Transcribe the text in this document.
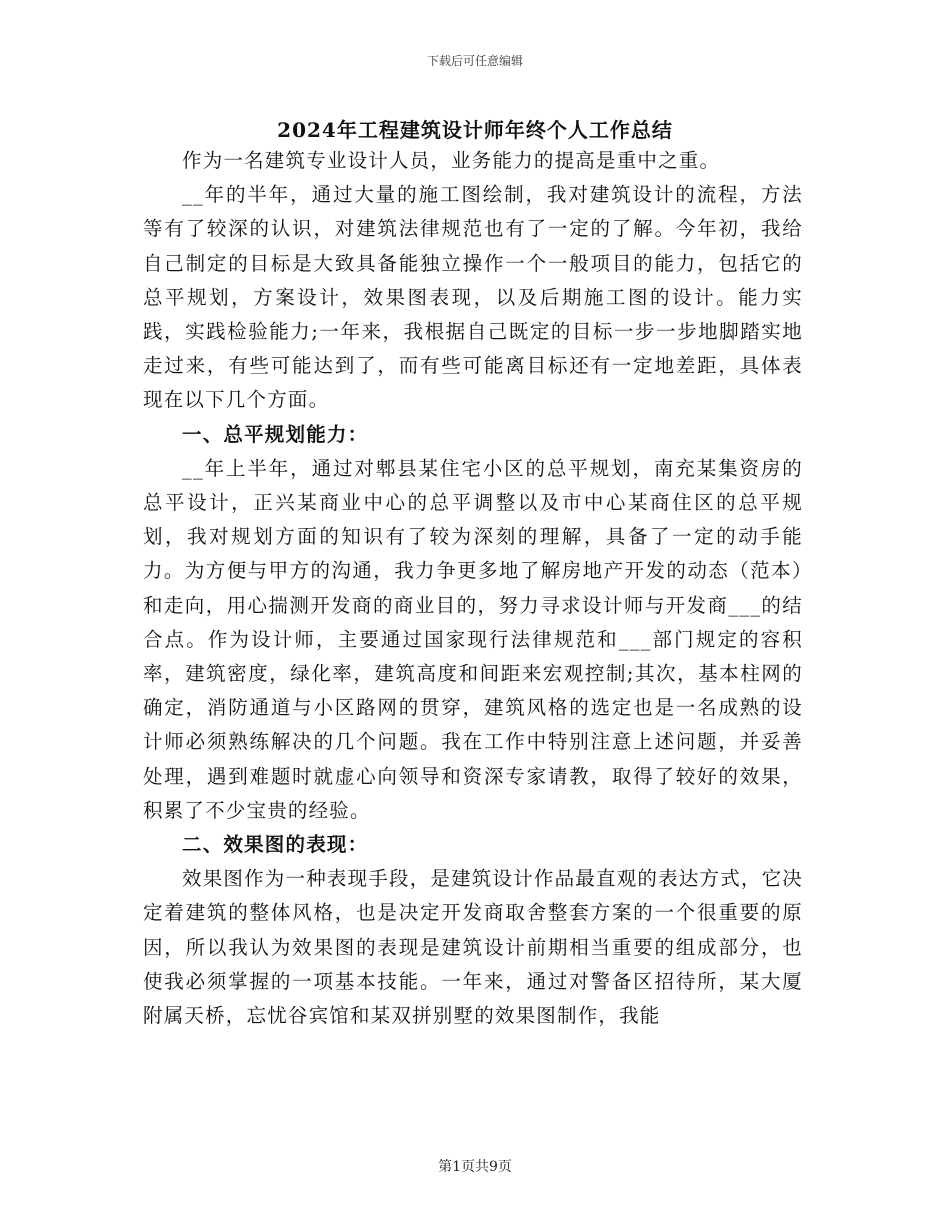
下载后可任意编辑
2024年工程建筑设计师年终个人工作总结

作为一名建筑专业设计人员，业务能力的提高是重中之重。

__年的半年，通过大量的施工图绘制，我对建筑设计的流程，方法等有了较深的认识，对建筑法律规范也有了一定的了解。今年初，我给自己制定的目标是大致具备能独立操作一个一般项目的能力，包括它的总平规划，方案设计，效果图表现，以及后期施工图的设计。能力实践，实践检验能力;一年来，我根据自己既定的目标一步一步地脚踏实地走过来，有些可能达到了，而有些可能离目标还有一定地差距，具体表现在以下几个方面。

一、总平规划能力：

__年上半年，通过对郫县某住宅小区的总平规划，南充某集资房的总平设计，正兴某商业中心的总平调整以及市中心某商住区的总平规划，我对规划方面的知识有了较为深刻的理解，具备了一定的动手能力。为方便与甲方的沟通，我力争更多地了解房地产开发的动态（范本）和走向，用心揣测开发商的商业目的，努力寻求设计师与开发商___的结合点。作为设计师，主要通过国家现行法律规范和___部门规定的容积率，建筑密度，绿化率，建筑高度和间距来宏观控制;其次，基本柱网的确定，消防通道与小区路网的贯穿，建筑风格的选定也是一名成熟的设计师必须熟练解决的几个问题。我在工作中特别注意上述问题，并妥善处理，遇到难题时就虚心向领导和资深专家请教，取得了较好的效果，积累了不少宝贵的经验。

二、效果图的表现：

效果图作为一种表现手段，是建筑设计作品最直观的表达方式，它决定着建筑的整体风格，也是决定开发商取舍整套方案的一个很重要的原因，所以我认为效果图的表现是建筑设计前期相当重要的组成部分，也使我必须掌握的一项基本技能。一年来，通过对警备区招待所，某大厦附属天桥，忘忧谷宾馆和某双拼别墅的效果图制作，我能

第1页共9页
